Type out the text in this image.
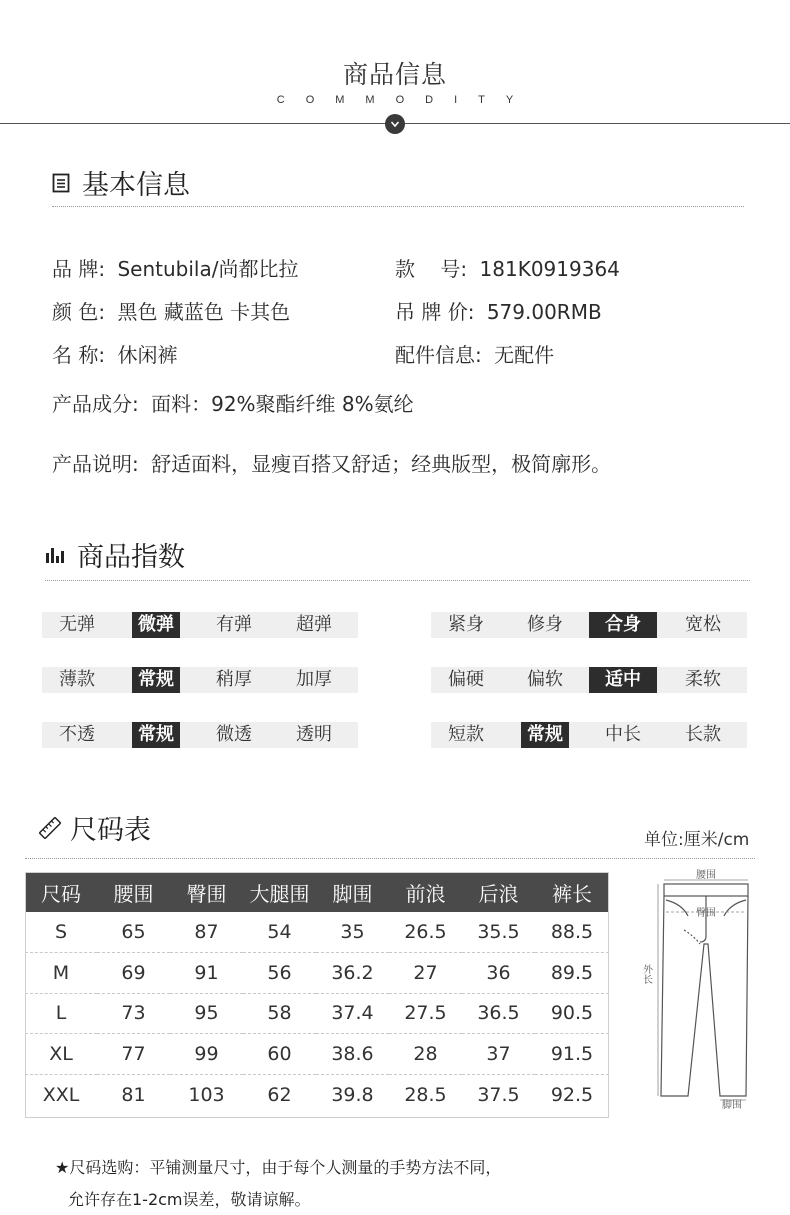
商品信息
COMMODITY
基本信息
品 牌: Sentubila/尚都比拉	款    号: 181K0919364
颜 色: 黑色 藏蓝色 卡其色	吊 牌 价: 579.00RMB
名 称: 休闲裤	配件信息: 无配件
产品成分: 面料：92%聚酯纤维 8%氨纶
产品说明: 舒适面料，显瘦百搭又舒适；经典版型，极简廓形。
商品指数
无弹	微弹	有弹	超弹	紧身	修身	合身	宽松
薄款	常规	稍厚	加厚	偏硬	偏软	适中	柔软
不透	常规	微透	透明	短款	常规	中长	长款
尺码表	单位:厘米/cm
尺码	腰围	臀围	大腿围	脚围	前浪	后浪	裤长
S	65	87	54	35	26.5	35.5	88.5
M	69	91	56	36.2	27	36	89.5
L	73	95	58	37.4	27.5	36.5	90.5
XL	77	99	60	38.6	28	37	91.5
XXL	81	103	62	39.8	28.5	37.5	92.5
腰围
臀围
外长
脚围
★尺码选购：平铺测量尺寸，由于每个人测量的手势方法不同，
允许存在1-2cm误差，敬请谅解。
